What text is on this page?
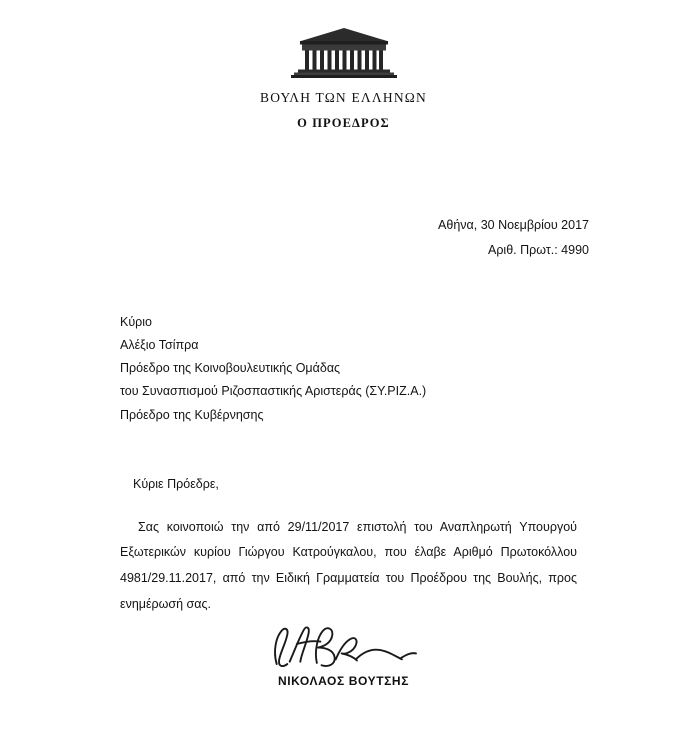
ΒΟΥΛΗ ΤΩΝ ΕΛΛΗΝΩΝ
Ο ΠΡΟΕΔΡΟΣ
Αθήνα, 30 Νοεμβρίου 2017
Αριθ. Πρωτ.: 4990
Κύριο
Αλέξιο Τσίπρα
Πρόεδρο της Κοινοβουλευτικής Ομάδας
του Συνασπισμού Ριζοσπαστικής Αριστεράς (ΣΥ.ΡΙΖ.Α.)
Πρόεδρο της Κυβέρνησης
Κύριε Πρόεδρε,
Σας κοινοποιώ την από 29/11/2017 επιστολή του Αναπληρωτή Υπουργού Εξωτερικών κυρίου Γιώργου Κατρούγκαλου, που έλαβε Αριθμό Πρωτοκόλλου 4981/29.11.2017, από την Ειδική Γραμματεία του Προέδρου της Βουλής, προς ενημέρωσή σας.
ΝΙΚΟΛΑΟΣ ΒΟΥΤΣΗΣ
